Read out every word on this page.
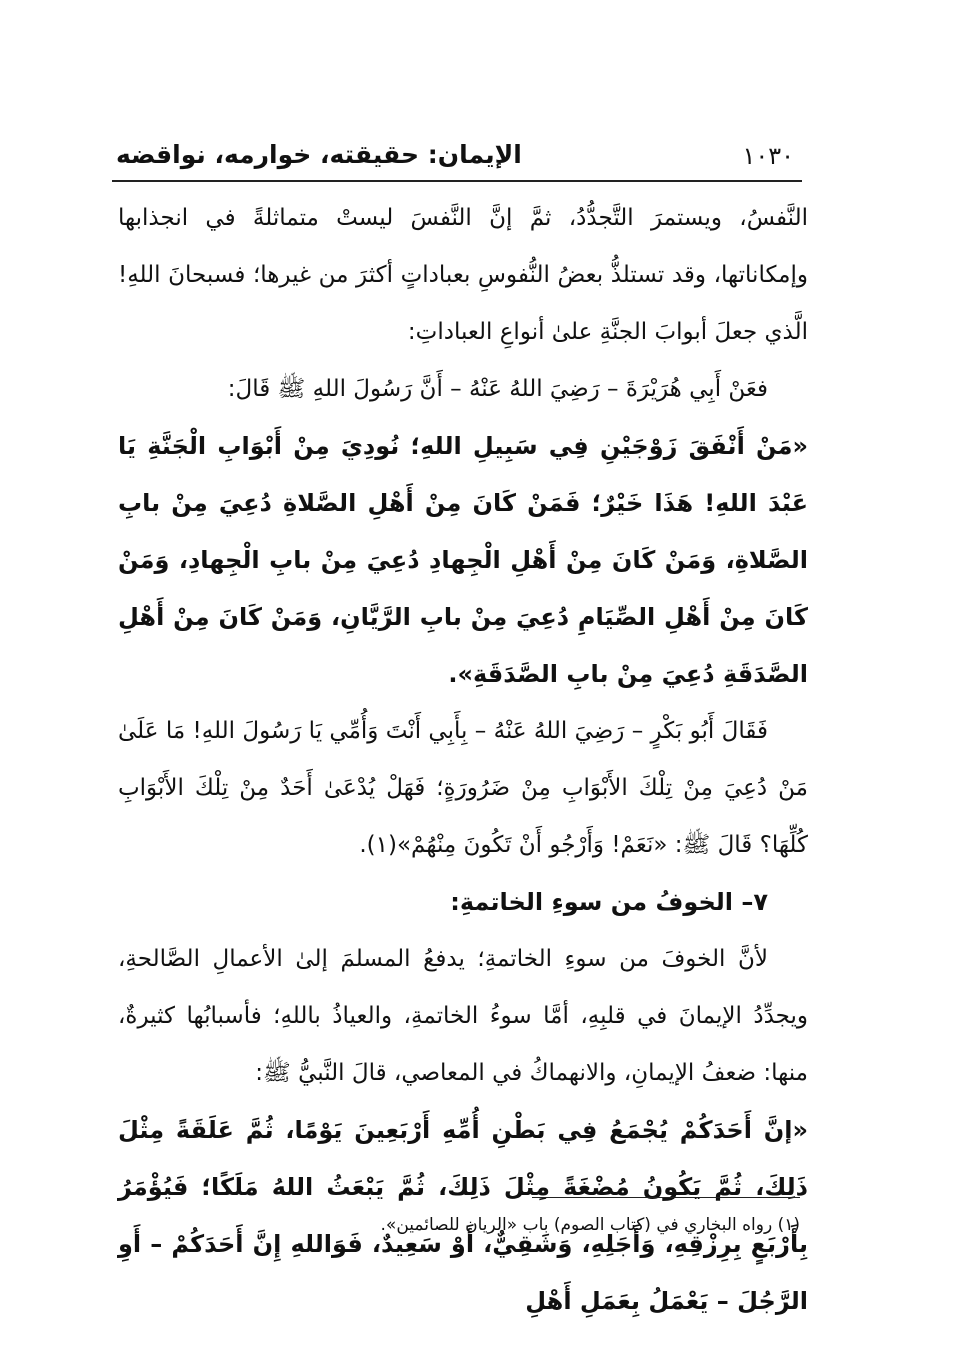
١٠٣٠
الإيمان: حقيقته، خوارمه، نواقضه

النَّفسُ، ويستمرَ التَّجدُّدُ، ثمَّ إنَّ النَّفسَ ليستْ متماثلةً في انجذابها وإمكاناتها، وقد تستلذُّ بعضُ النُّفوسِ بعباداتٍ أكثرَ من غيرها؛ فسبحانَ اللهِ! الَّذي جعلَ أبوابَ الجنَّةِ علىٰ أنواعِ العباداتِ:

فعَنْ أَبِي هُرَيْرَةَ – رَضِيَ اللهُ عَنْهُ – أَنَّ رَسُولَ اللهِ ﷺ قَالَ:

«مَنْ أَنْفَقَ زَوْجَيْنِ فِي سَبِيلِ اللهِ؛ نُودِيَ مِنْ أَبْوَابِ الْجَنَّةِ يَا عَبْدَ اللهِ! هَذَا خَيْرٌ؛ فَمَنْ كَانَ مِنْ أَهْلِ الصَّلاةِ دُعِيَ مِنْ بابِ الصَّلاةِ، وَمَنْ كَانَ مِنْ أَهْلِ الْجِهادِ دُعِيَ مِنْ بابِ الْجِهادِ، وَمَنْ كَانَ مِنْ أَهْلِ الصِّيَامِ دُعِيَ مِنْ بابِ الرَّيَّانِ، وَمَنْ كَانَ مِنْ أَهْلِ الصَّدَقَةِ دُعِيَ مِنْ بابِ الصَّدَقَةِ».

فَقَالَ أَبُو بَكْرٍ – رَضِيَ اللهُ عَنْهُ – بِأَبِي أَنْتَ وَأُمِّي يَا رَسُولَ اللهِ! مَا عَلَىٰ مَنْ دُعِيَ مِنْ تِلْكَ الأَبْوَابِ مِنْ ضَرُورَةٍ؛ فَهَلْ يُدْعَىٰ أَحَدٌ مِنْ تِلْكَ الأَبْوَابِ كُلِّهَا؟ قَالَ ﷺ: «نَعَمْ! وَأَرْجُو أَنْ تَكُونَ مِنْهُمْ»(١).

٧– الخوفُ من سوءِ الخاتمةِ:

لأنَّ الخوفَ من سوءِ الخاتمةِ؛ يدفعُ المسلمَ إلىٰ الأعمالِ الصَّالحةِ، ويجدِّدُ الإيمانَ في قلبِهِ، أمَّا سوءُ الخاتمةِ، والعياذُ باللهِ؛ فأسبابُها كثيرةٌ، منها: ضعفُ الإيمانِ، والانهماكُ في المعاصي، قالَ النَّبيُّ ﷺ:

«إنَّ أَحَدَكُمْ يُجْمَعُ فِي بَطْنِ أُمِّهِ أَرْبَعِينَ يَوْمًا، ثُمَّ عَلَقَةً مِثْلَ ذَلِكَ، ثُمَّ يَكُونُ مُضْغَةً مِثْلَ ذَلِكَ، ثُمَّ يَبْعَثُ اللهُ مَلَكًا؛ فَيُؤْمَرُ بِأَرْبَعٍ بِرِزْقِهِ، وَأَجَلِهِ، وَشَقِيٌّ، أَوْ سَعِيدٌ، فَوَاللهِ إِنَّ أَحَدَكُمْ – أَوِ الرَّجُلَ – يَعْمَلُ بِعَمَلِ أَهْلِ

(١) رواه البخاري في (كتاب الصوم) باب «الريان للصائمين».
